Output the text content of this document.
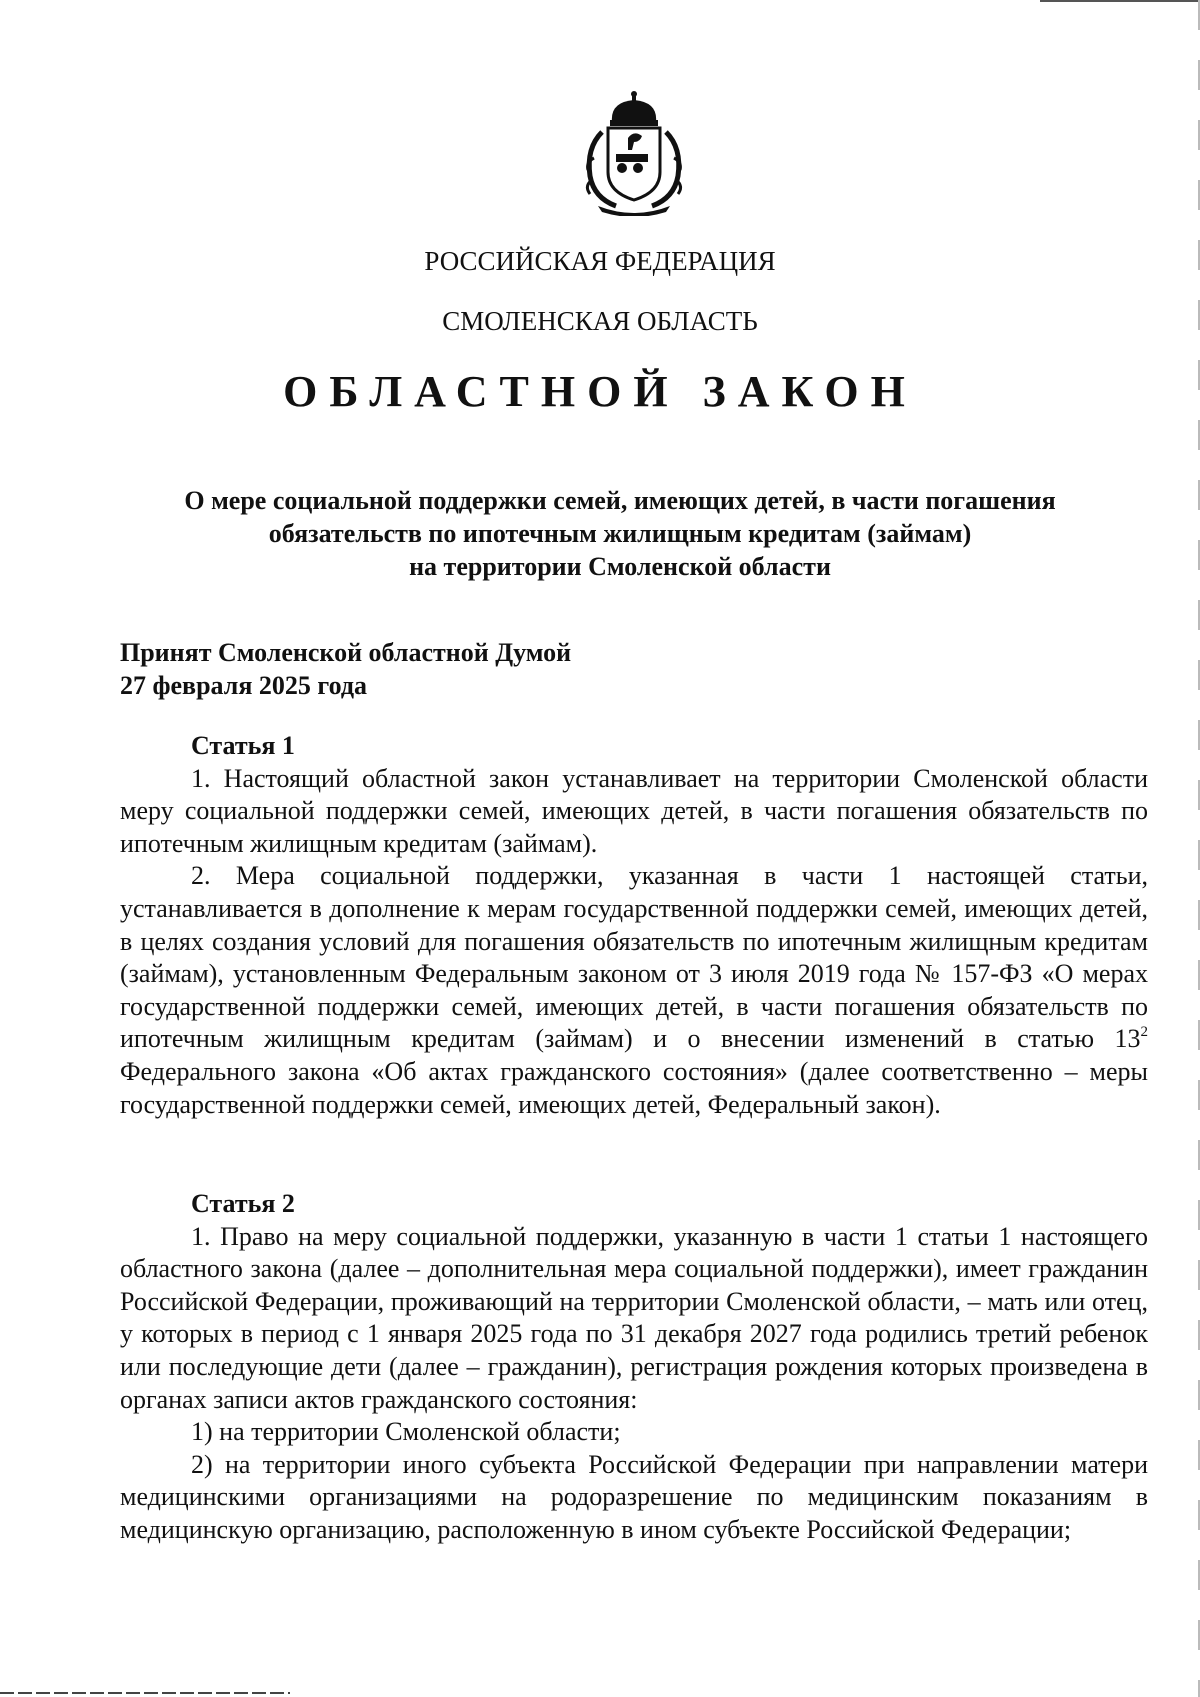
РОССИЙСКАЯ ФЕДЕРАЦИЯ
СМОЛЕНСКАЯ ОБЛАСТЬ
ОБЛАСТНОЙ ЗАКОН
О мере социальной поддержки семей, имеющих детей, в части погашения
обязательств по ипотечным жилищным кредитам (займам)
на территории Смоленской области
Принят Смоленской областной Думой
27 февраля 2025 года
Статья 1

1. Настоящий областной закон устанавливает на территории Смоленской области меру социальной поддержки семей, имеющих детей, в части погашения обязательств по ипотечным жилищным кредитам (займам).

2. Мера социальной поддержки, указанная в части 1 настоящей статьи, устанавливается в дополнение к мерам государственной поддержки семей, имеющих детей, в целях создания условий для погашения обязательств по ипотечным жилищным кредитам (займам), установленным Федеральным законом от 3 июля 2019 года № 157-ФЗ «О мерах государственной поддержки семей, имеющих детей, в части погашения обязательств по ипотечным жилищным кредитам (займам) и о внесении изменений в статью $13^2$ Федерального закона «Об актах гражданского состояния» (далее соответственно – меры государственной поддержки семей, имеющих детей, Федеральный закон).

Статья 2

1. Право на меру социальной поддержки, указанную в части 1 статьи 1 настоящего областного закона (далее – дополнительная мера социальной поддержки), имеет гражданин Российской Федерации, проживающий на территории Смоленской области, – мать или отец, у которых в период с 1 января 2025 года по 31 декабря 2027 года родились третий ребенок или последующие дети (далее – гражданин), регистрация рождения которых произведена в органах записи актов гражданского состояния:

1) на территории Смоленской области;

2) на территории иного субъекта Российской Федерации при направлении матери медицинскими организациями на родоразрешение по медицинским показаниям в медицинскую организацию, расположенную в ином субъекте Российской Федерации;
